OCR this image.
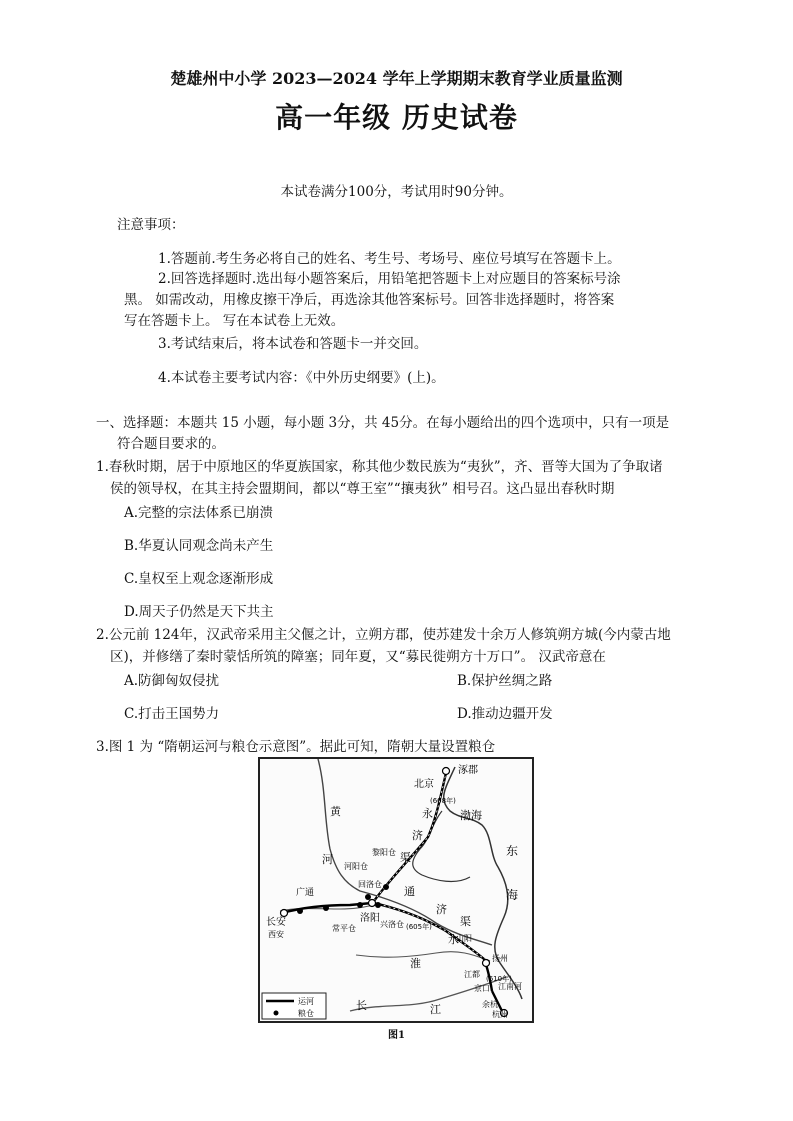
楚雄州中小学 2023—2024 学年上学期期末教育学业质量监测
高一年级 历史试卷
本试卷满分100分，考试用时90分钟。
注意事项：
1.答题前.考生务必将自己的姓名、考生号、考场号、座位号填写在答题卡上。
2.回答选择题时.选出每小题答案后，用铅笔把答题卡上对应题目的答案标号涂
黑。 如需改动，用橡皮擦干净后，再选涂其他答案标号。回答非选择题时，将答案
写在答题卡上。 写在本试卷上无效。
3.考试结束后，将本试卷和答题卡一并交回。
4.本试卷主要考试内容：《中外历史纲要》(上)。
一、选择题：本题共 15 小题，每小题 3分，共 45分。在每小题给出的四个选项中，只有一项是
符合题目要求的。
1.春秋时期，居于中原地区的华夏族国家，称其他少数民族为“夷狄”，齐、晋等大国为了争取诸
侯的领导权，在其主持会盟期间，都以“尊王室”“攘夷狄” 相号召。这凸显出春秋时期
A.完整的宗法体系已崩溃
B.华夏认同观念尚未产生
C.皇权至上观念逐渐形成
D.周天子仍然是天下共主
2.公元前 124年，汉武帝采用主父偃之计，立朔方郡，使苏建发十余万人修筑朔方城(今内蒙古地
区)，并修缮了秦时蒙恬所筑的障塞；同年夏，又“募民徙朔方十万口”。 汉武帝意在
A.防御匈奴侵扰	B.保护丝绸之路
C.打击王国势力	D.推动边疆开发
3.图 1 为 “隋朝运河与粮仓示意图”。据此可知，隋朝大量设置粮仓
涿郡
北京
渤海
永
济
渠
(608年)
黄
河
广通
长安
西安
洛阳
河阳仓
常平仓	兴洛仓
回洛仓
黎阳仓
通
济
渠
(605年)
东
海
淮
水
山阳
扬州
江都
京口 江南河
(610年)
余杭
杭州
长	江
运河
粮仓
图1
